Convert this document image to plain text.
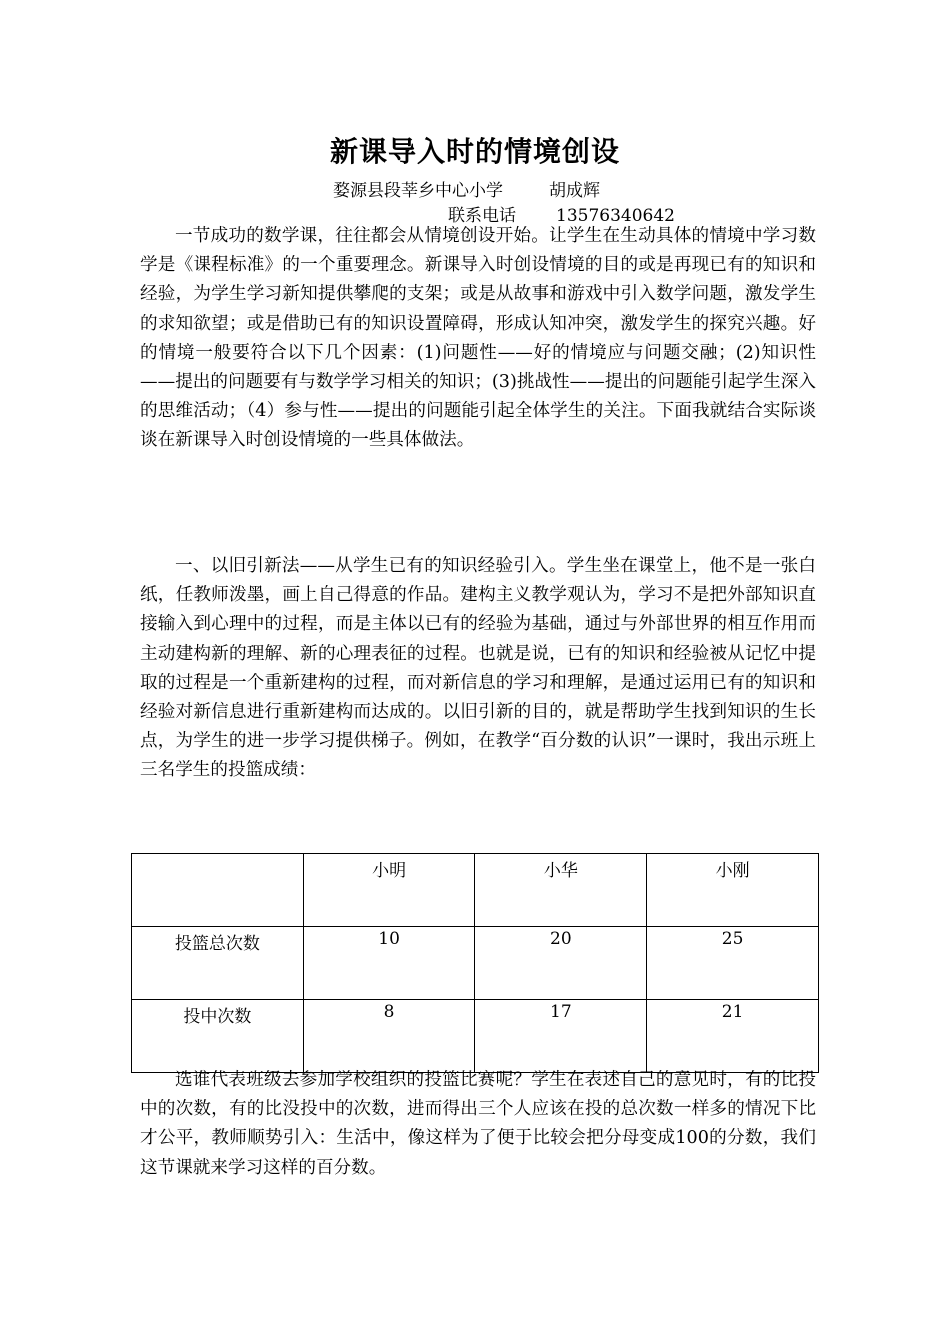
新课导入时的情境创设
婺源县段莘乡中心小学	胡成辉
联系电话 13576340642

一节成功的数学课，往往都会从情境创设开始。让学生在生动具体的情境中学习数学是《课程标准》的一个重要理念。新课导入时创设情境的目的或是再现已有的知识和经验，为学生学习新知提供攀爬的支架；或是从故事和游戏中引入数学问题，激发学生的求知欲望；或是借助已有的知识设置障碍，形成认知冲突，激发学生的探究兴趣。好的情境一般要符合以下几个因素：(1)问题性——好的情境应与问题交融；(2)知识性——提出的问题要有与数学学习相关的知识；(3)挑战性——提出的问题能引起学生深入的思维活动；（4）参与性——提出的问题能引起全体学生的关注。下面我就结合实际谈谈在新课导入时创设情境的一些具体做法。

一、以旧引新法——从学生已有的知识经验引入。学生坐在课堂上，他不是一张白纸，任教师泼墨，画上自己得意的作品。建构主义教学观认为，学习不是把外部知识直接输入到心理中的过程，而是主体以已有的经验为基础，通过与外部世界的相互作用而主动建构新的理解、新的心理表征的过程。也就是说，已有的知识和经验被从记忆中提取的过程是一个重新建构的过程，而对新信息的学习和理解，是通过运用已有的知识和经验对新信息进行重新建构而达成的。以旧引新的目的，就是帮助学生找到知识的生长点，为学生的进一步学习提供梯子。例如，在教学“百分数的认识”一课时，我出示班上三名学生的投篮成绩：

	小明	小华	小刚
投篮总次数	10	20	25
投中次数	8	17	21

选谁代表班级去参加学校组织的投篮比赛呢？学生在表述自己的意见时，有的比投中的次数，有的比没投中的次数，进而得出三个人应该在投的总次数一样多的情况下比才公平，教师顺势引入：生活中，像这样为了便于比较会把分母变成100的分数，我们这节课就来学习这样的百分数。
